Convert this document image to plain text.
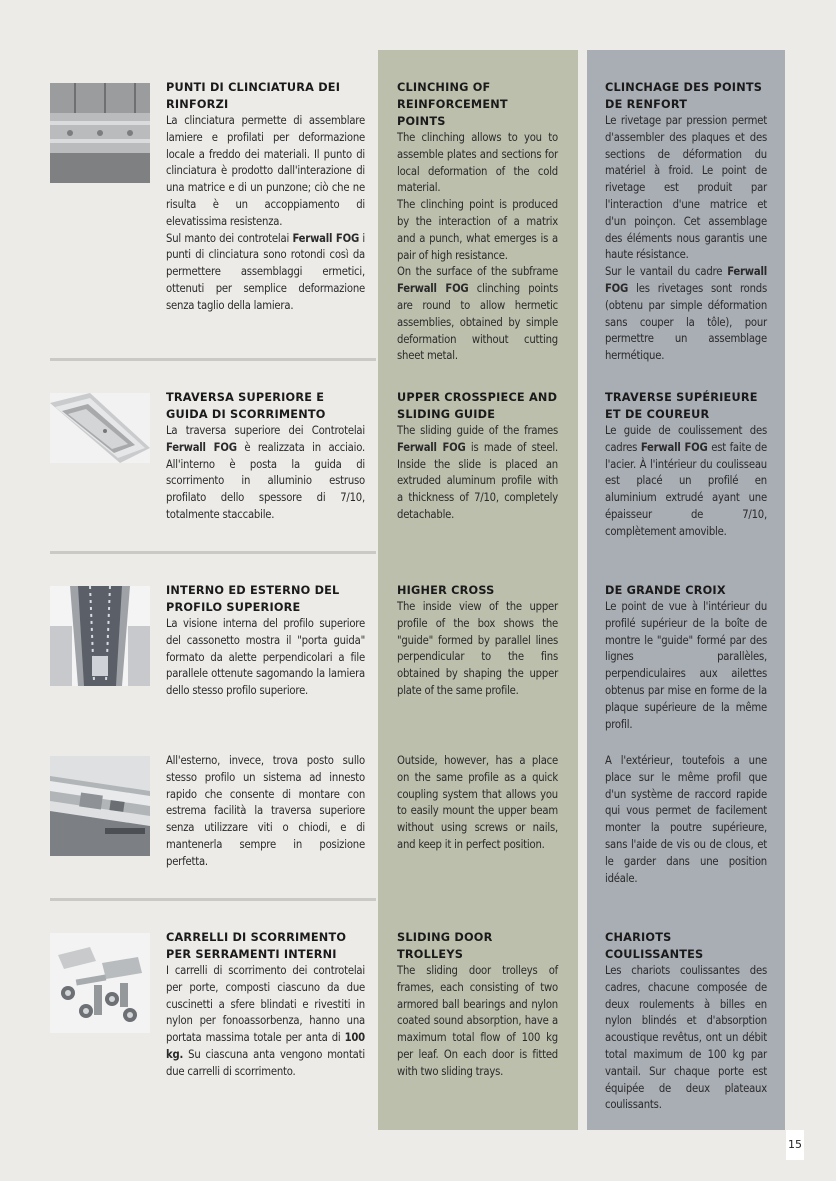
PUNTI DI CLINCIATURA DEI RINFORZI
La clinciatura permette di assemblare lamiere e profilati per deformazione locale a freddo dei materiali. Il punto di clinciatura è prodotto dall'interazione di una matrice e di un punzone; ciò che ne risulta è un accoppiamento di elevatissima resistenza.
Sul manto dei controtelai Ferwall FOG i punti di clinciatura sono rotondi così da permettere assemblaggi ermetici, ottenuti per semplice deformazione senza taglio della lamiera.
CLINCHING OF REINFORCEMENT POINTS
The clinching allows to you to assemble plates and sections for local deformation of the cold material.
The clinching point is produced by the interaction of a matrix and a punch, what emerges is a pair of high resistance.
On the surface of the subframe Ferwall FOG clinching points are round to allow hermetic assemblies, obtained by simple deformation without cutting sheet metal.
CLINCHAGE DES POINTS DE RENFORT
Le rivetage par pression permet d'assembler des plaques et des sections de déformation du matériel à froid. Le point de rivetage est produit par l'interaction d'une matrice et d'un poinçon. Cet assemblage des éléments nous garantis une haute résistance.
Sur le vantail du cadre Ferwall FOG les rivetages sont ronds (obtenu par simple déformation sans couper la tôle), pour permettre un assemblage hermétique.
TRAVERSA SUPERIORE E GUIDA DI SCORRIMENTO
La traversa superiore dei Controtelai Ferwall FOG è realizzata in acciaio. All'interno è posta la guida di scorrimento in alluminio estruso profilato dello spessore di 7/10, totalmente staccabile.
UPPER CROSSPIECE AND SLIDING GUIDE
The sliding guide of the frames Ferwall FOG is made of steel. Inside the slide is placed an extruded aluminum profile with a thickness of 7/10, completely detachable.
TRAVERSE SUPÉRIEURE ET DE COUREUR
Le guide de coulissement des cadres Ferwall FOG est faite de l'acier. À l'intérieur du coulisseau est placé un profilé en aluminium extrudé ayant une épaisseur de 7/10, complètement amovible.
INTERNO ED ESTERNO DEL PROFILO SUPERIORE
La visione interna del profilo superiore del cassonetto mostra il "porta guida" formato da alette perpendicolari a file parallele ottenute sagomando la lamiera dello stesso profilo superiore.
HIGHER CROSS
The inside view of the upper profile of the box shows the "guide" formed by parallel lines perpendicular to the fins obtained by shaping the upper plate of the same profile.
DE GRANDE CROIX
Le point de vue à l'intérieur du profilé supérieur de la boîte de montre le "guide" formé par des lignes parallèles, perpendiculaires aux ailettes obtenus par mise en forme de la plaque supérieure de la même profil.
All'esterno, invece, trova posto sullo stesso profilo un sistema ad innesto rapido che consente di montare con estrema facilità la traversa superiore senza utilizzare viti o chiodi, e di mantenerla sempre in posizione perfetta.
Outside, however, has a place on the same profile as a quick coupling system that allows you to easily mount the upper beam without using screws or nails, and keep it in perfect position.
A l'extérieur, toutefois a une place sur le même profil que d'un système de raccord rapide qui vous permet de facilement monter la poutre supérieure, sans l'aide de vis ou de clous, et le garder dans une position idéale.
CARRELLI DI SCORRIMENTO PER SERRAMENTI INTERNI
I carrelli di scorrimento dei controtelai per porte, composti ciascuno da due cuscinetti a sfere blindati e rivestiti in nylon per fonoassorbenza, hanno una portata massima totale per anta di 100 kg. Su ciascuna anta vengono montati due carrelli di scorrimento.
SLIDING DOOR TROLLEYS
The sliding door trolleys of frames, each consisting of two armored ball bearings and nylon coated sound absorption, have a maximum total flow of 100 kg per leaf. On each door is fitted with two sliding trays.
CHARIOTS COULISSANTES
Les chariots coulissantes des cadres, chacune composée de deux roulements à billes en nylon blindés et d'absorption acoustique revêtus, ont un débit total maximum de 100 kg par vantail. Sur chaque porte est équipée de deux plateaux coulissants.
15
